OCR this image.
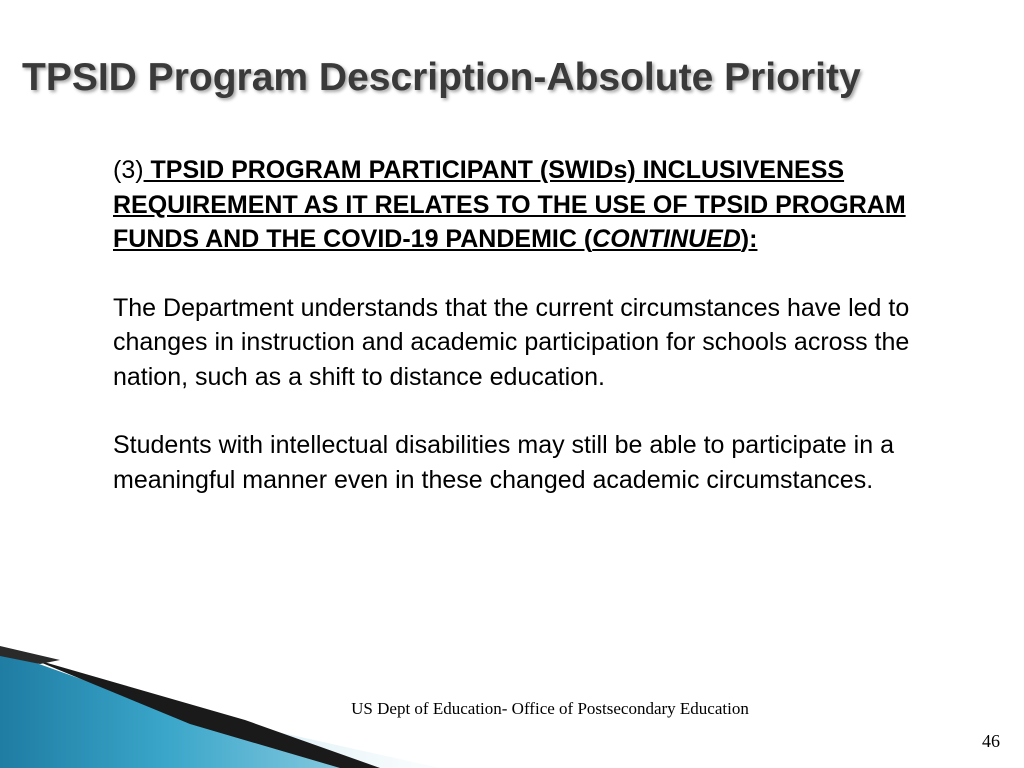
TPSID Program Description-Absolute Priority

(3) TPSID PROGRAM PARTICIPANT (SWIDs) INCLUSIVENESS REQUIREMENT AS IT RELATES TO THE USE OF TPSID PROGRAM FUNDS AND THE COVID-19 PANDEMIC (CONTINUED):

The Department understands that the current circumstances have led to changes in instruction and academic participation for schools across the nation, such as a shift to distance education.

Students with intellectual disabilities may still be able to participate in a meaningful manner even in these changed academic circumstances.

US Dept of Education- Office of Postsecondary Education
46
